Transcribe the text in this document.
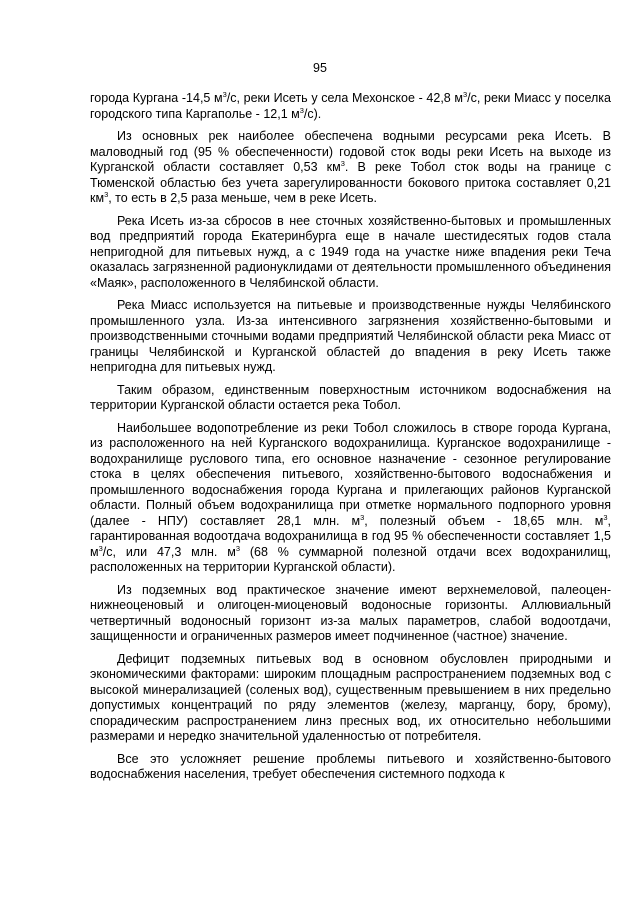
95

города Кургана -14,5 $м^3/с$, реки Исеть у села Мехонское - 42,8 $м^3/с$, реки Миасс у поселка городского типа Каргаполье - 12,1 $м^3/с$).

Из основных рек наиболее обеспечена водными ресурсами река Исеть. В маловодный год (95 % обеспеченности) годовой сток воды реки Исеть на выходе из Курганской области составляет 0,53 $км^3$. В реке Тобол сток воды на границе с Тюменской областью без учета зарегулированности бокового притока составляет 0,21 $км^3$, то есть в 2,5 раза меньше, чем в реке Исеть.

Река Исеть из-за сбросов в нее сточных хозяйственно-бытовых и промышленных вод предприятий города Екатеринбурга еще в начале шестидесятых годов стала непригодной для питьевых нужд, а с 1949 года на участке ниже впадения реки Теча оказалась загрязненной радионуклидами от деятельности промышленного объединения «Маяк», расположенного в Челябинской области.

Река Миасс используется на питьевые и производственные нужды Челябинского промышленного узла. Из-за интенсивного загрязнения хозяйственно-бытовыми и производственными сточными водами предприятий Челябинской области река Миасс от границы Челябинской и Курганской областей до впадения в реку Исеть также непригодна для питьевых нужд.

Таким образом, единственным поверхностным источником водоснабжения на территории Курганской области остается река Тобол.

Наибольшее водопотребление из реки Тобол сложилось в створе города Кургана, из расположенного на ней Курганского водохранилища. Курганское водохранилище - водохранилище руслового типа, его основное назначение - сезонное регулирование стока в целях обеспечения питьевого, хозяйственно-бытового водоснабжения и промышленного водоснабжения города Кургана и прилегающих районов Курганской области. Полный объем водохранилища при отметке нормального подпорного уровня (далее - НПУ) составляет 28,1 млн. $м^3$, полезный объем - 18,65 млн. $м^3$, гарантированная водоотдача водохранилища в год 95 % обеспеченности составляет 1,5 $м^3/с$, или 47,3 млн. $м^3$ (68 % суммарной полезной отдачи всех водохранилищ, расположенных на территории Курганской области).

Из подземных вод практическое значение имеют верхнемеловой, палеоцен-нижнеоценовый и олигоцен-миоценовый водоносные горизонты. Аллювиальный четвертичный водоносный горизонт из-за малых параметров, слабой водоотдачи, защищенности и ограниченных размеров имеет подчиненное (частное) значение.

Дефицит подземных питьевых вод в основном обусловлен природными и экономическими факторами: широким площадным распространением подземных вод с высокой минерализацией (соленых вод), существенным превышением в них предельно допустимых концентраций по ряду элементов (железу, марганцу, бору, брому), спорадическим распространением линз пресных вод, их относительно небольшими размерами и нередко значительной удаленностью от потребителя.

Все это усложняет решение проблемы питьевого и хозяйственно-бытового водоснабжения населения, требует обеспечения системного подхода к
